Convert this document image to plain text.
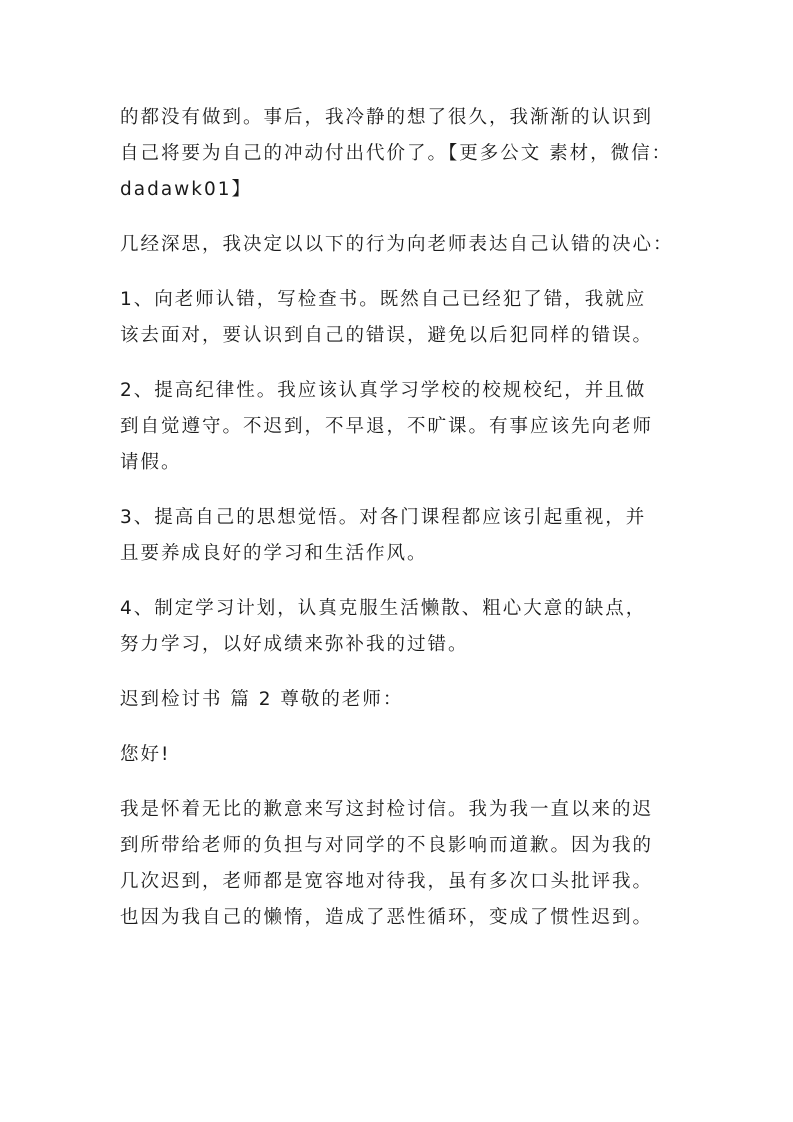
的都没有做到。事后，我冷静的想了很久，我渐渐的认识到
自己将要为自己的冲动付出代价了。【更多公文 素材，微信：
dadawk01】

几经深思，我决定以以下的行为向老师表达自己认错的决心：

1、向老师认错，写检查书。既然自己已经犯了错，我就应
该去面对，要认识到自己的错误，避免以后犯同样的错误。

2、提高纪律性。我应该认真学习学校的校规校纪，并且做
到自觉遵守。不迟到，不早退，不旷课。有事应该先向老师
请假。

3、提高自己的思想觉悟。对各门课程都应该引起重视，并
且要养成良好的学习和生活作风。

4、制定学习计划，认真克服生活懒散、粗心大意的缺点，
努力学习，以好成绩来弥补我的过错。

迟到检讨书 篇 2 尊敬的老师：

您好!

我是怀着无比的歉意来写这封检讨信。我为我一直以来的迟
到所带给老师的负担与对同学的不良影响而道歉。因为我的
几次迟到，老师都是宽容地对待我，虽有多次口头批评我。
也因为我自己的懒惰，造成了恶性循环，变成了惯性迟到。
